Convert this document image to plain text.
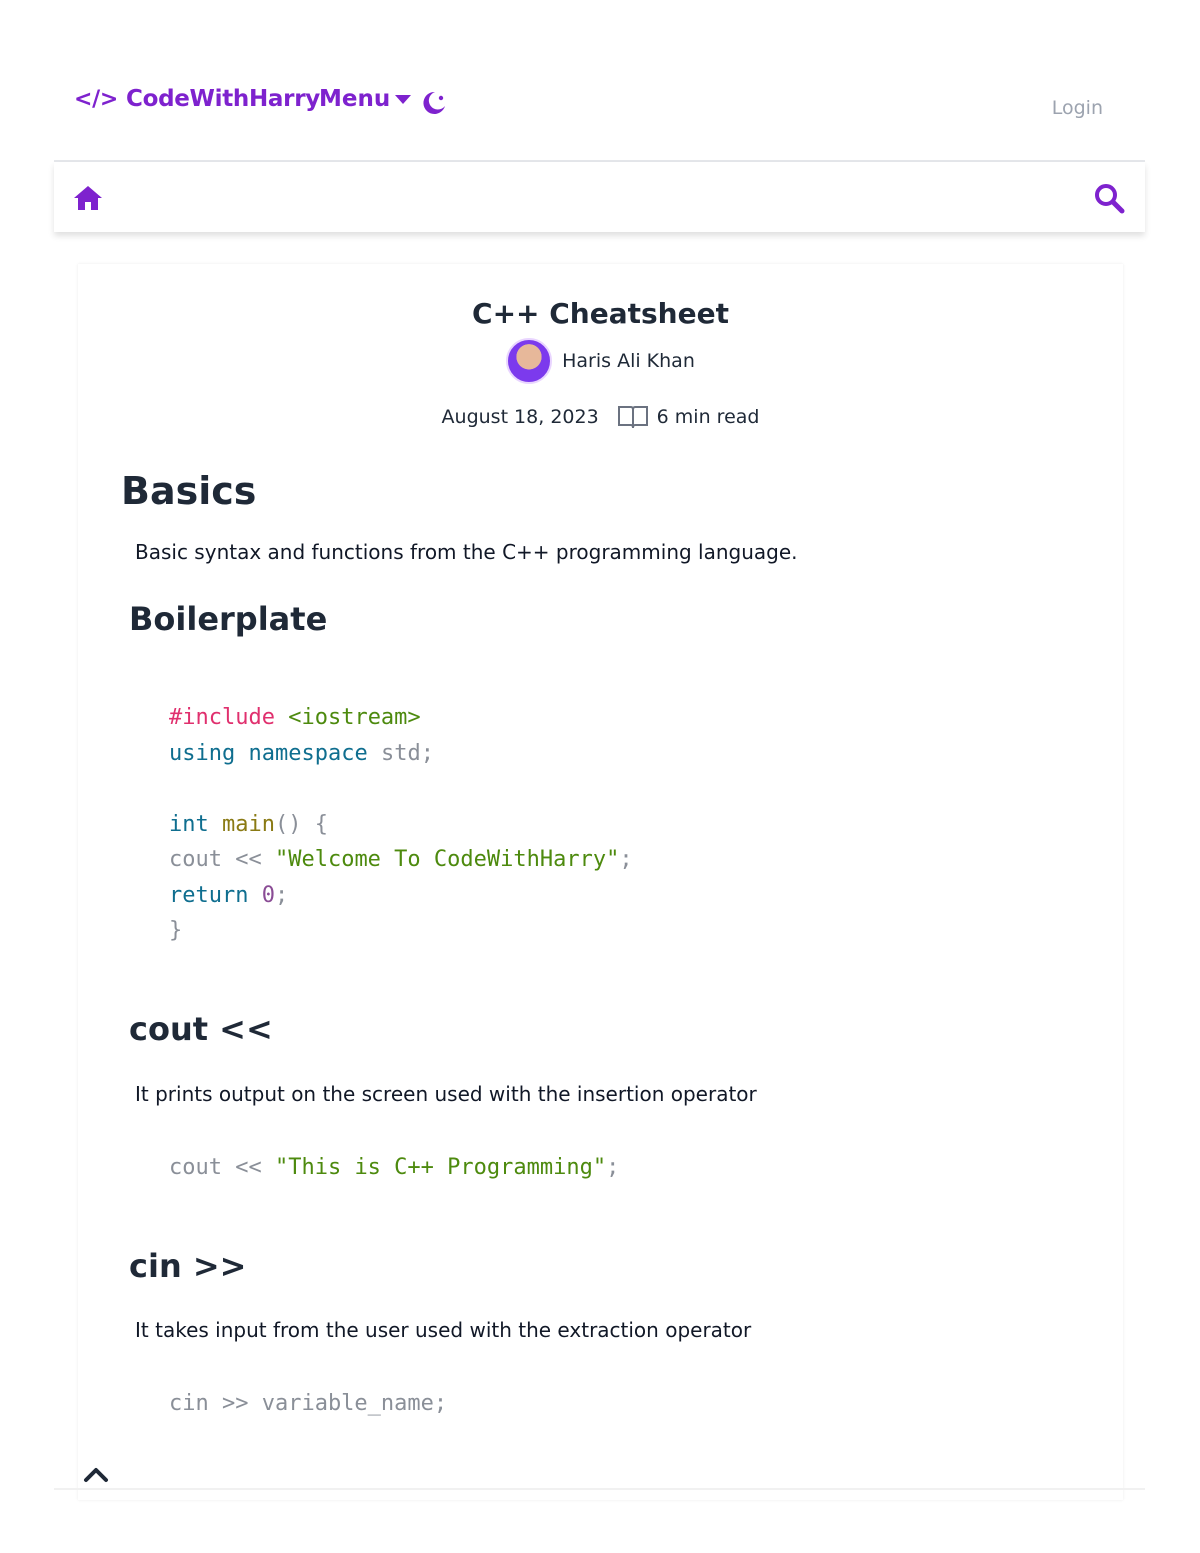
</> CodeWithHarry Menu	Login
C++ Cheatsheet
Haris Ali Khan
August 18, 2023	6 min read
Basics
Basic syntax and functions from the C++ programming language.
Boilerplate
#include <iostream>
using namespace std;

int main() {
cout << "Welcome To CodeWithHarry";
return 0;
}
cout <<
It prints output on the screen used with the insertion operator
cout << "This is C++ Programming";
cin >>
It takes input from the user used with the extraction operator
cin >> variable_name;
